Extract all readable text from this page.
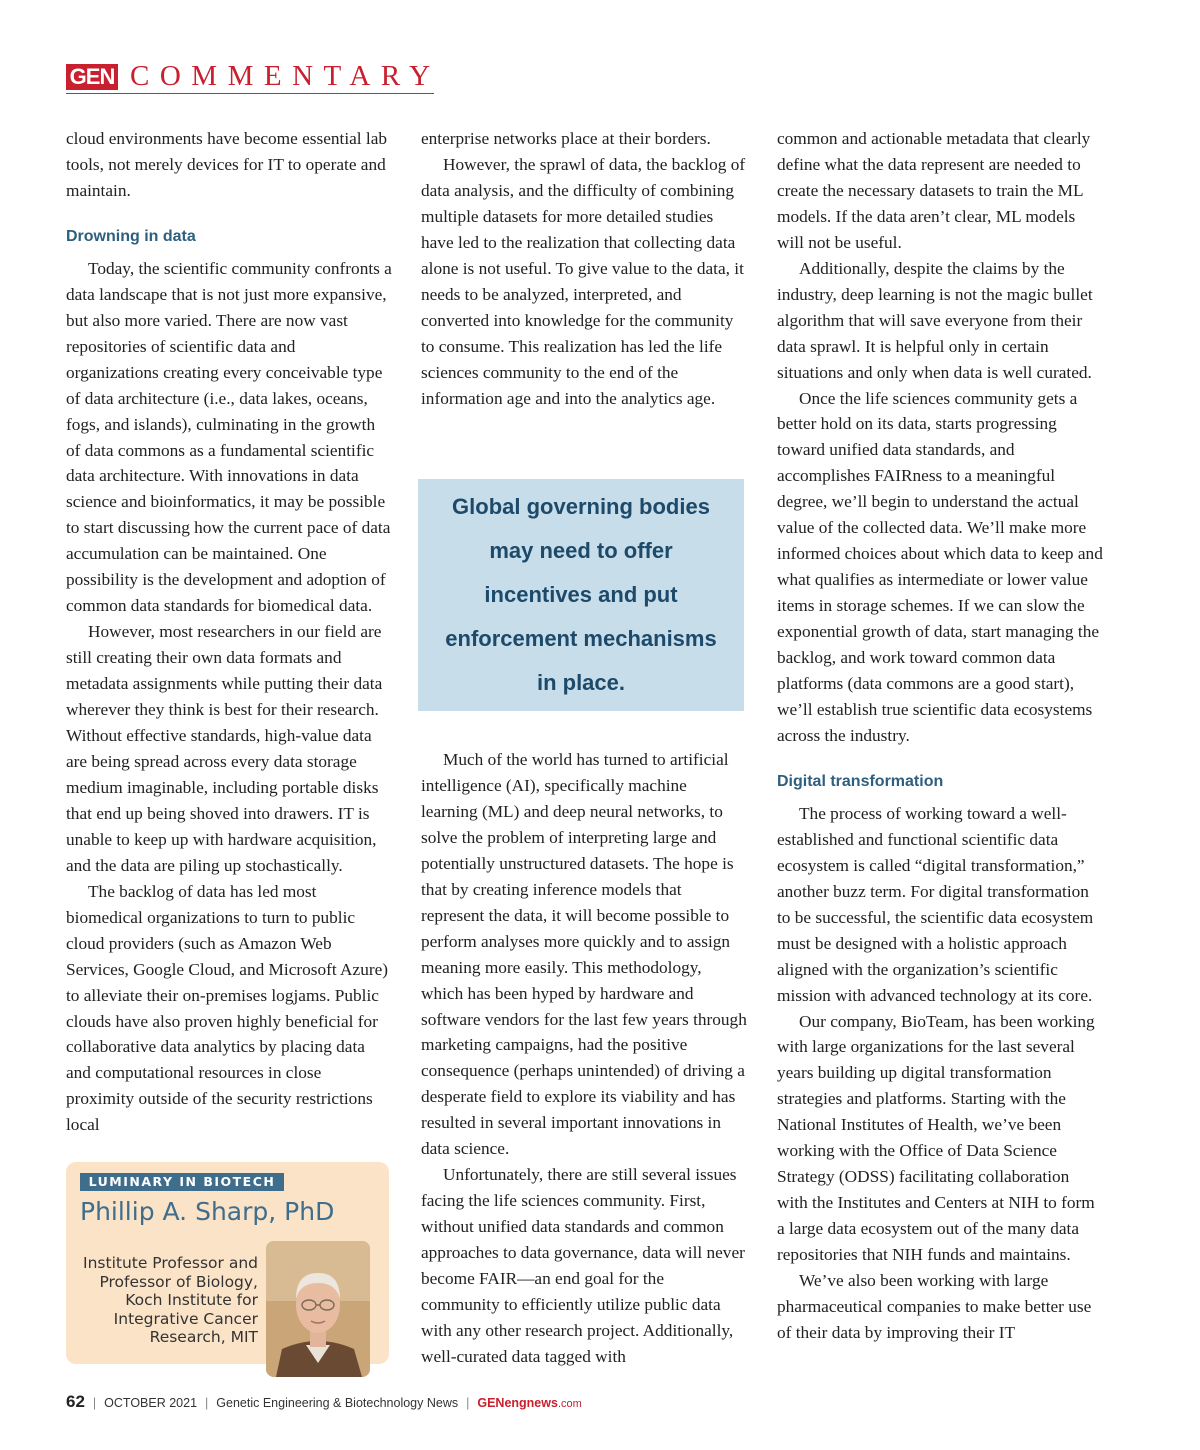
GEN COMMENTARY

cloud environments have become essential lab tools, not merely devices for IT to operate and maintain.

Drowning in data

Today, the scientific community confronts a data landscape that is not just more expansive, but also more varied. There are now vast repositories of scientific data and organizations creating every conceivable type of data architecture (i.e., data lakes, oceans, fogs, and islands), culminating in the growth of data commons as a fundamental scientific data architecture. With innovations in data science and bioinformatics, it may be possible to start discussing how the current pace of data accumulation can be maintained. One possibility is the development and adoption of common data standards for biomedical data.

However, most researchers in our field are still creating their own data formats and metadata assignments while putting their data wherever they think is best for their research. Without effective standards, high-value data are being spread across every data storage medium imaginable, including portable disks that end up being shoved into drawers. IT is unable to keep up with hardware acquisition, and the data are piling up stochastically.

The backlog of data has led most biomedical organizations to turn to public cloud providers (such as Amazon Web Services, Google Cloud, and Microsoft Azure) to alleviate their on-premises logjams. Public clouds have also proven highly beneficial for collaborative data analytics by placing data and computational resources in close proximity outside of the security restrictions local

enterprise networks place at their borders.

However, the sprawl of data, the backlog of data analysis, and the difficulty of combining multiple datasets for more detailed studies have led to the realization that collecting data alone is not useful. To give value to the data, it needs to be analyzed, interpreted, and converted into knowledge for the community to consume. This realization has led the life sciences community to the end of the information age and into the analytics age.

Global governing bodies may need to offer incentives and put enforcement mechanisms in place.

Much of the world has turned to artificial intelligence (AI), specifically machine learning (ML) and deep neural networks, to solve the problem of interpreting large and potentially unstructured datasets. The hope is that by creating inference models that represent the data, it will become possible to perform analyses more quickly and to assign meaning more easily. This methodology, which has been hyped by hardware and software vendors for the last few years through marketing campaigns, had the positive consequence (perhaps unintended) of driving a desperate field to explore its viability and has resulted in several important innovations in data science.

Unfortunately, there are still several issues facing the life sciences community. First, without unified data standards and common approaches to data governance, data will never become FAIR—an end goal for the community to efficiently utilize public data with any other research project. Additionally, well-curated data tagged with

common and actionable metadata that clearly define what the data represent are needed to create the necessary datasets to train the ML models. If the data aren’t clear, ML models will not be useful.

Additionally, despite the claims by the industry, deep learning is not the magic bullet algorithm that will save everyone from their data sprawl. It is helpful only in certain situations and only when data is well curated.

Once the life sciences community gets a better hold on its data, starts progressing toward unified data standards, and accomplishes FAIRness to a meaningful degree, we’ll begin to understand the actual value of the collected data. We’ll make more informed choices about which data to keep and what qualifies as intermediate or lower value items in storage schemes. If we can slow the exponential growth of data, start managing the backlog, and work toward common data platforms (data commons are a good start), we’ll establish true scientific data ecosystems across the industry.

Digital transformation

The process of working toward a well-established and functional scientific data ecosystem is called “digital transformation,” another buzz term. For digital transformation to be successful, the scientific data ecosystem must be designed with a holistic approach aligned with the organization’s scientific mission with advanced technology at its core.

Our company, BioTeam, has been working with large organizations for the last several years building up digital transformation strategies and platforms. Starting with the National Institutes of Health, we’ve been working with the Office of Data Science Strategy (ODSS) facilitating collaboration with the Institutes and Centers at NIH to form a large data ecosystem out of the many data repositories that NIH funds and maintains.

We’ve also been working with large pharmaceutical companies to make better use of their data by improving their IT

LUMINARY IN BIOTECH
Phillip A. Sharp, PhD
Institute Professor and Professor of Biology, Koch Institute for Integrative Cancer Research, MIT
62 | OCTOBER 2021 | Genetic Engineering & Biotechnology News | GENengnews.com
